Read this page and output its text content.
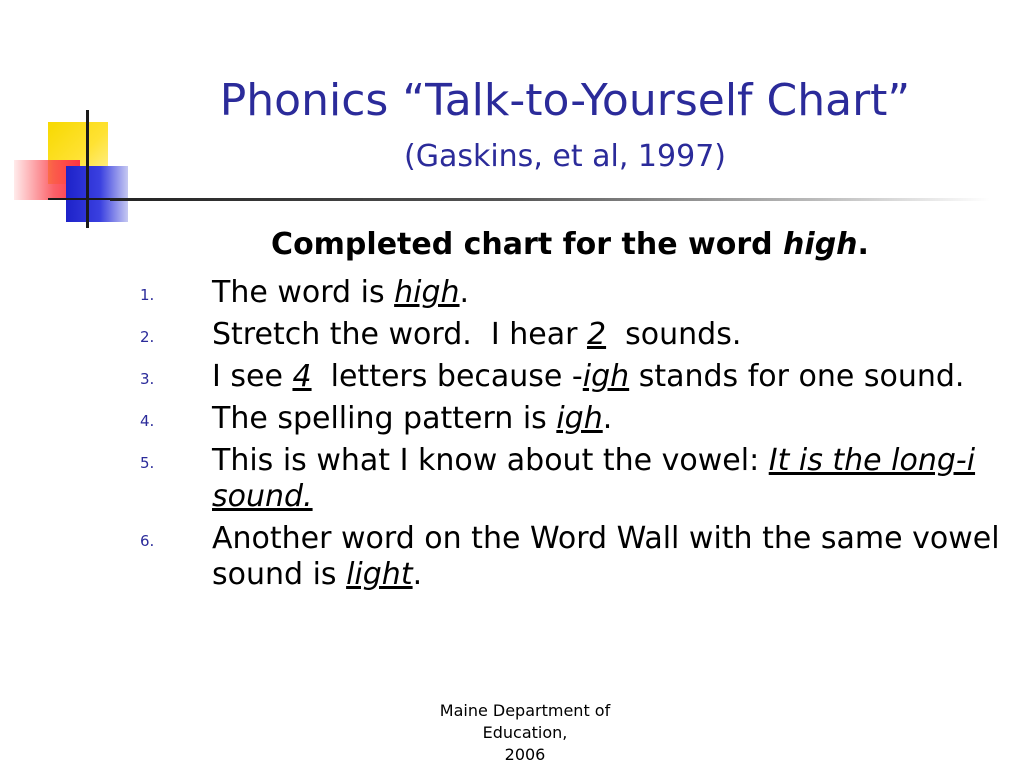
Phonics “Talk-to-Yourself Chart”
(Gaskins, et al, 1997)
Completed chart for the word high.
1. The word is high.
2. Stretch the word.  I hear 2  sounds.
3. I see 4  letters because -igh stands for one sound.
4. The spelling pattern is igh.
5. This is what I know about the vowel: It is the long-i sound.
6. Another word on the Word Wall with the same vowel sound is light.
Maine Department of Education,
2006
